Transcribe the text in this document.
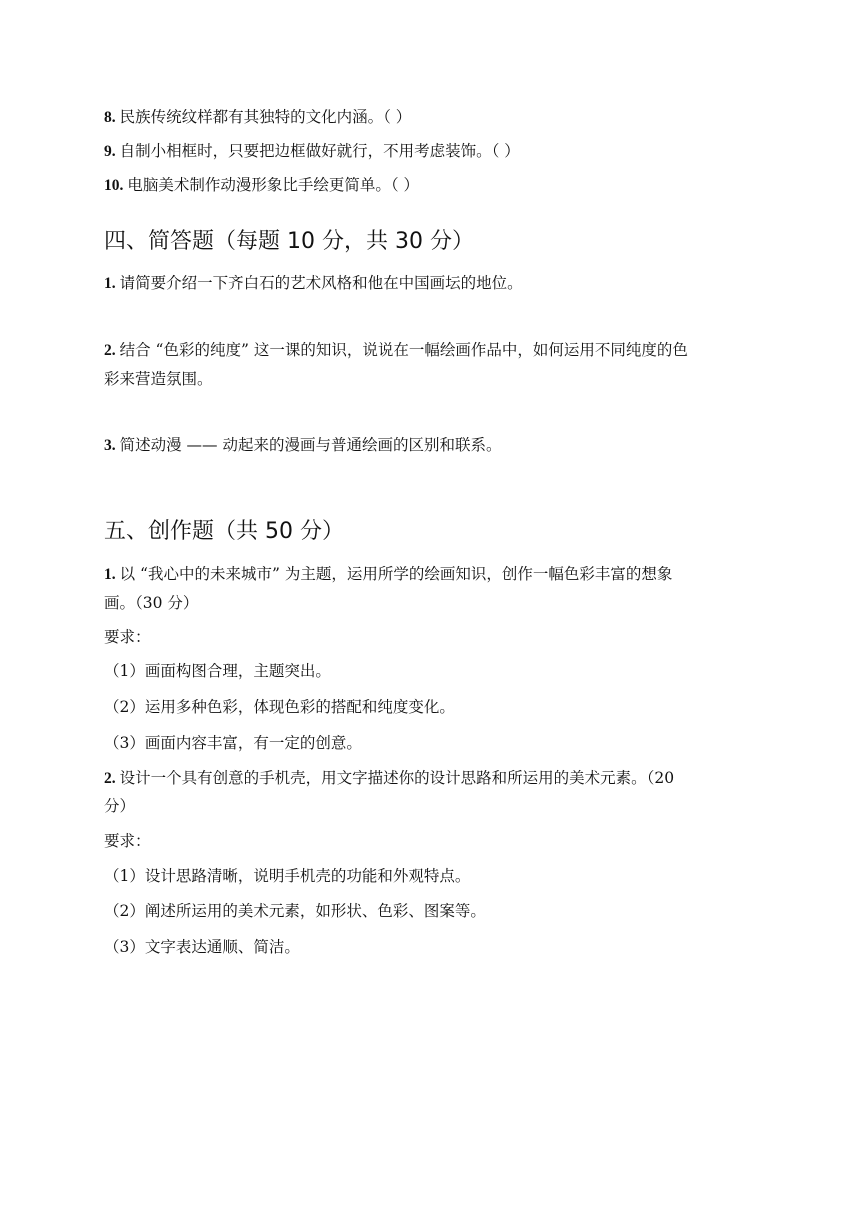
8. 民族传统纹样都有其独特的文化内涵。（ ）
9. 自制小相框时，只要把边框做好就行，不用考虑装饰。（ ）
10. 电脑美术制作动漫形象比手绘更简单。（ ）
四、简答题（每题 10 分，共 30 分）
1. 请简要介绍一下齐白石的艺术风格和他在中国画坛的地位。
2. 结合 “色彩的纯度” 这一课的知识，说说在一幅绘画作品中，如何运用不同纯度的色
彩来营造氛围。
3. 简述动漫 —— 动起来的漫画与普通绘画的区别和联系。
五、创作题（共 50 分）
1. 以 “我心中的未来城市” 为主题，运用所学的绘画知识，创作一幅色彩丰富的想象
画。（30 分）
要求：
（1）画面构图合理，主题突出。
（2）运用多种色彩，体现色彩的搭配和纯度变化。
（3）画面内容丰富，有一定的创意。
2. 设计一个具有创意的手机壳，用文字描述你的设计思路和所运用的美术元素。（20
分）
要求：
（1）设计思路清晰，说明手机壳的功能和外观特点。
（2）阐述所运用的美术元素，如形状、色彩、图案等。
（3）文字表达通顺、简洁。
